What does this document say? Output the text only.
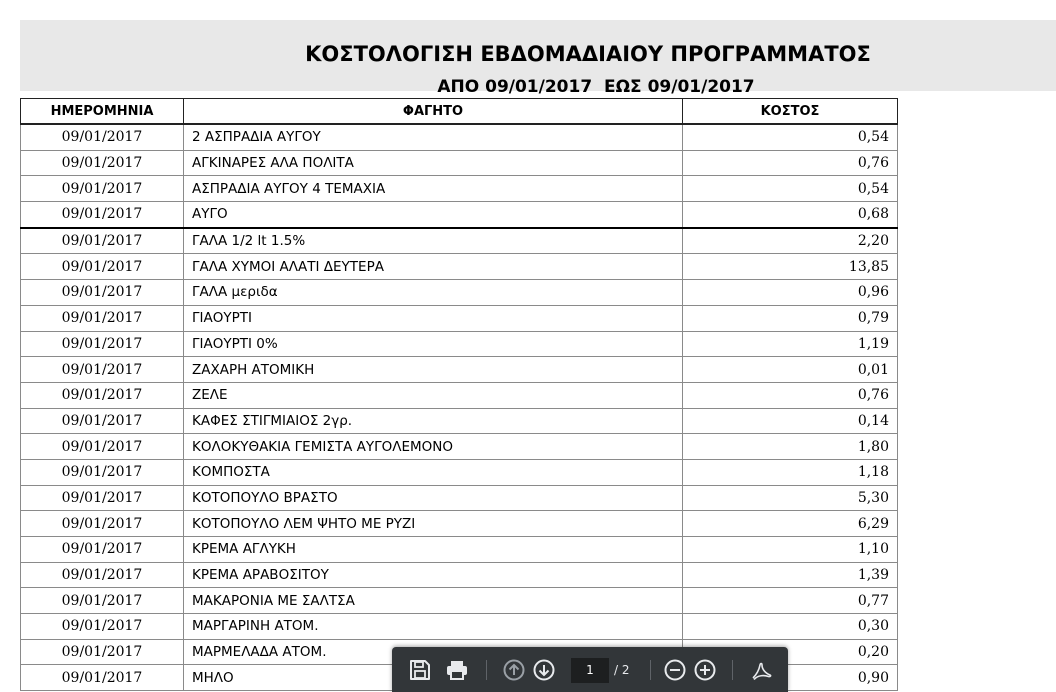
ΚΟΣΤΟΛΟΓΙΣΗ ΕΒΔΟΜΑΔΙΑΙΟΥ ΠΡΟΓΡΑΜΜΑΤΟΣ
ΑΠΟ 09/01/2017  ΕΩΣ 09/01/2017
ΗΜΕΡΟΜΗΝΙΑ	ΦΑΓΗΤΟ	ΚΟΣΤΟΣ
09/01/2017	2 ΑΣΠΡΑΔΙΑ ΑΥΓΟΥ	0,54
09/01/2017	ΑΓΚΙΝΑΡΕΣ ΑΛΑ ΠΟΛΙΤΑ	0,76
09/01/2017	ΑΣΠΡΑΔΙΑ ΑΥΓΟΥ 4 ΤΕΜΑΧΙΑ	0,54
09/01/2017	ΑΥΓΟ	0,68
09/01/2017	ΓΑΛΑ 1/2 lt 1.5%	2,20
09/01/2017	ΓΑΛΑ ΧΥΜΟΙ ΑΛΑΤΙ ΔΕΥΤΕΡΑ	13,85
09/01/2017	ΓΑΛΑ μεριδα	0,96
09/01/2017	ΓΙΑΟΥΡΤΙ	0,79
09/01/2017	ΓΙΑΟΥΡΤΙ 0%	1,19
09/01/2017	ΖΑΧΑΡΗ ΑΤΟΜΙΚΗ	0,01
09/01/2017	ΖΕΛΕ	0,76
09/01/2017	ΚΑΦΕΣ ΣΤΙΓΜΙΑΙΟΣ 2γρ.	0,14
09/01/2017	ΚΟΛΟΚΥΘΑΚΙΑ ΓΕΜΙΣΤΑ ΑΥΓΟΛΕΜΟΝΟ	1,80
09/01/2017	ΚΟΜΠΟΣΤΑ	1,18
09/01/2017	ΚΟΤΟΠΟΥΛΟ ΒΡΑΣΤΟ	5,30
09/01/2017	ΚΟΤΟΠΟΥΛΟ ΛΕΜ ΨΗΤΟ ΜΕ ΡΥΖΙ	6,29
09/01/2017	ΚΡΕΜΑ ΑΓΛΥΚΗ	1,10
09/01/2017	ΚΡΕΜΑ ΑΡΑΒΟΣΙΤΟΥ	1,39
09/01/2017	ΜΑΚΑΡΟΝΙΑ ΜΕ ΣΑΛΤΣΑ	0,77
09/01/2017	ΜΑΡΓΑΡΙΝΗ ΑΤΟΜ.	0,30
09/01/2017	ΜΑΡΜΕΛΑΔΑ ΑΤΟΜ.	0,20
09/01/2017	ΜΗΛΟ	0,90
1	/ 2
